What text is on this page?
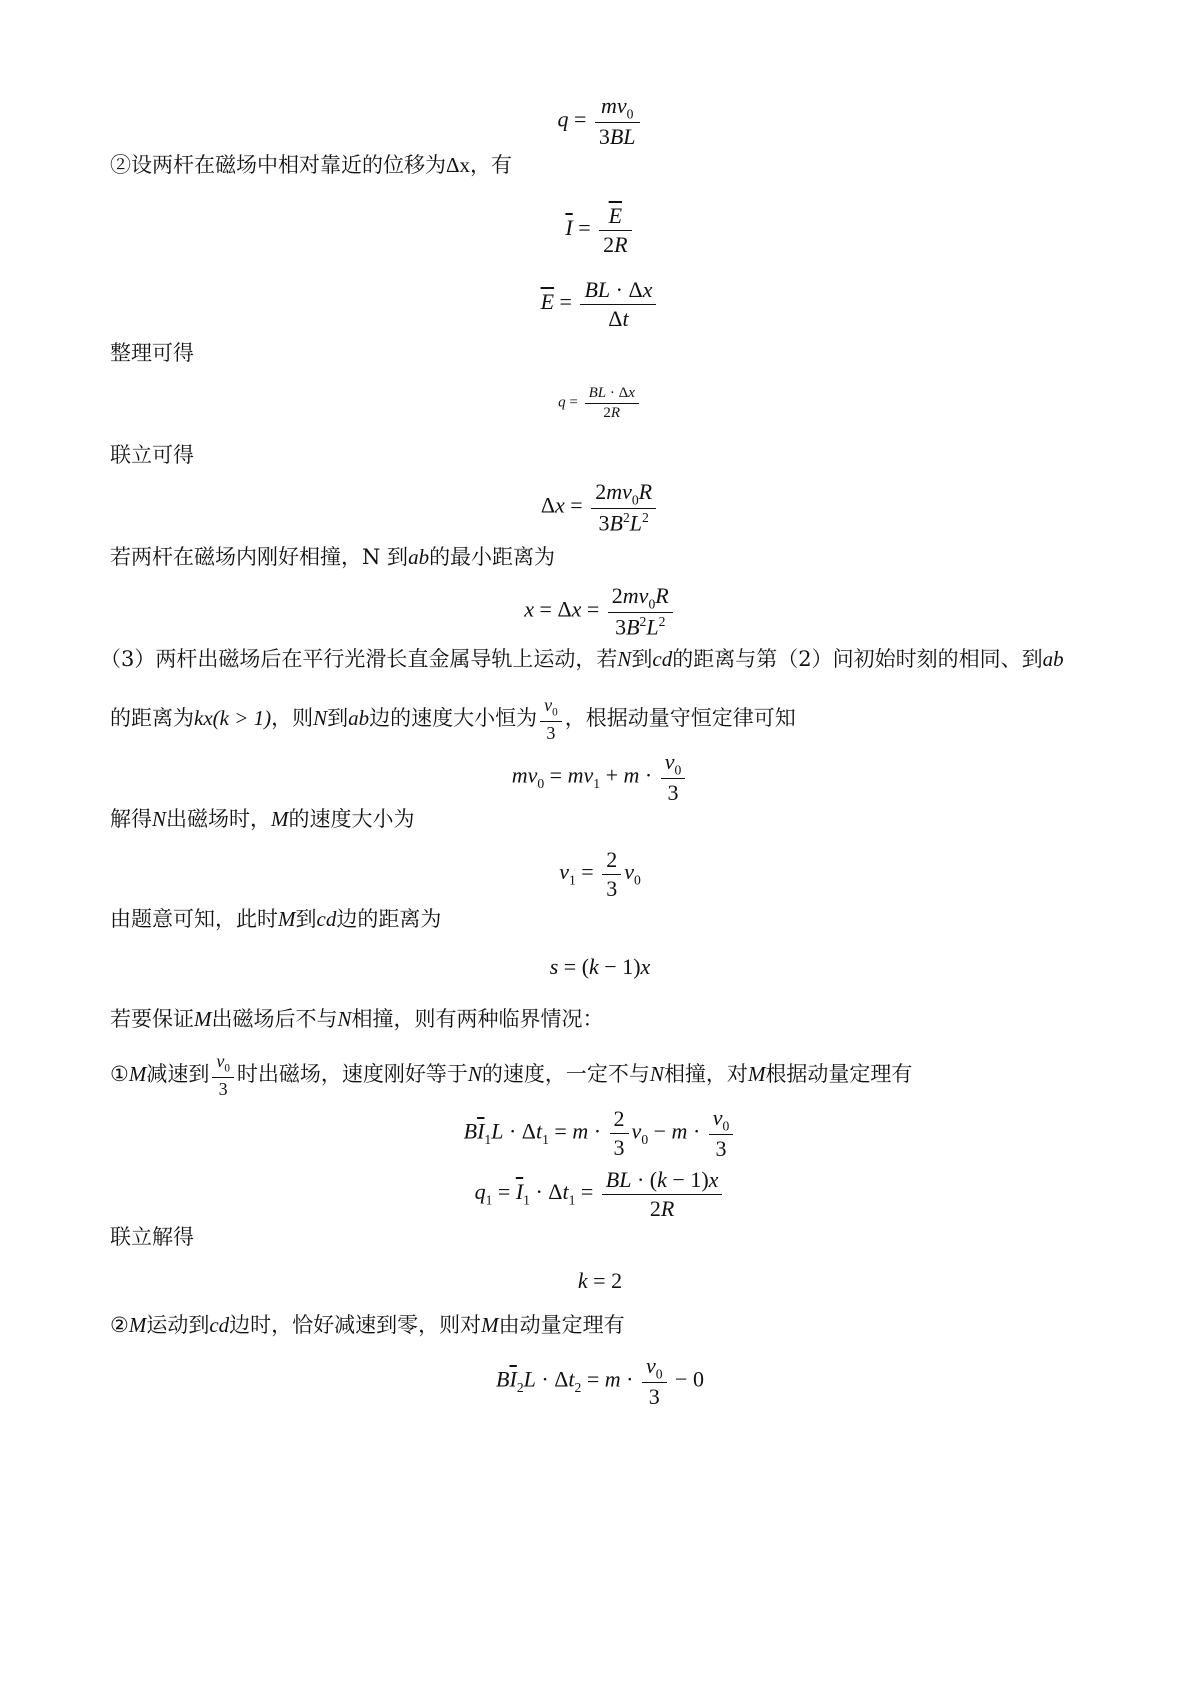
$q = \frac{mv_0}{3BL}$
②设两杆在磁场中相对靠近的位移为Δx，有
$\overline{I} = \frac{\overline{E}}{2R}$
$\overline{E} = \frac{BL \cdot \Delta x}{\Delta t}$
整理可得
$q = \frac{BL \cdot \Delta x}{2R}$
联立可得
$\Delta x = \frac{2mv_0R}{3B^2L^2}$
若两杆在磁场内刚好相撞，N 到ab的最小距离为
$x = \Delta x = \frac{2mv_0R}{3B^2L^2}$
（3）两杆出磁场后在平行光滑长直金属导轨上运动，若N到cd的距离与第（2）问初始时刻的相同、到ab
的距离为kx(k > 1)，则N到ab边的速度大小恒为 $\frac{v_0}{3}$ ，根据动量守恒定律可知
$mv_0 = mv_1 + m \cdot \frac{v_0}{3}$
解得N出磁场时，M的速度大小为
$v_1 = \frac{2}{3} v_0$
由题意可知，此时M到cd边的距离为
s = (k − 1)x
若要保证M出磁场后不与N相撞，则有两种临界情况：
①M减速到 $\frac{v_0}{3}$ 时出磁场，速度刚好等于N的速度，一定不与N相撞，对M根据动量定理有
$B\overline{I}_1L \cdot \Delta t_1 = m \cdot \frac{2}{3} v_0 - m \cdot \frac{v_0}{3}$
$q_1 = \overline{I}_1 \cdot \Delta t_1 = \frac{BL \cdot (k - 1)x}{2R}$
联立解得
k = 2
②M运动到cd边时，恰好减速到零，则对M由动量定理有
$B\overline{I}_2L \cdot \Delta t_2 = m \cdot \frac{v_0}{3} - 0$
